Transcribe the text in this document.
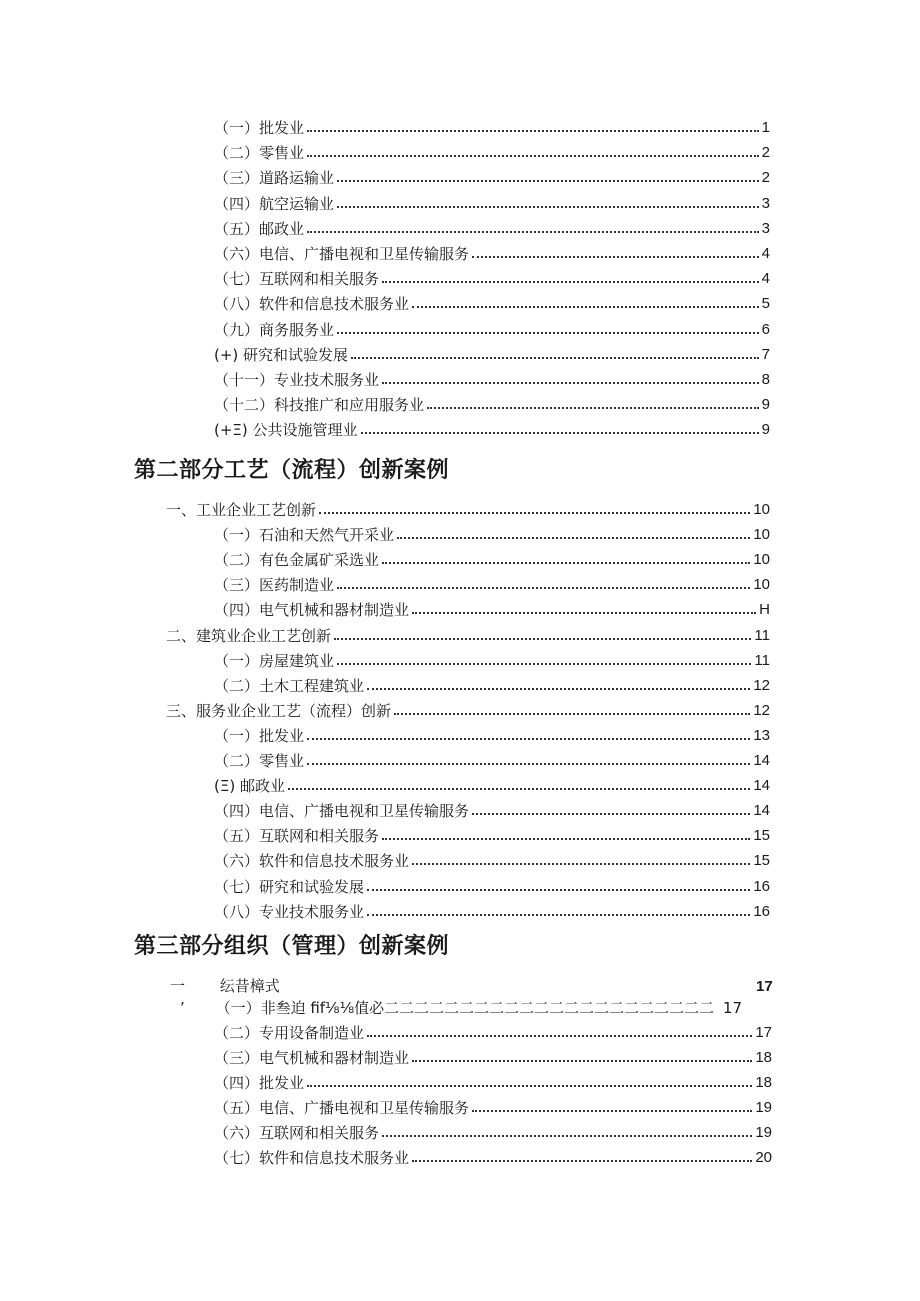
（一）批发业	1
（二）零售业	2
（三）道路运输业	2
（四）航空运输业	3
（五）邮政业	3
（六）电信、广播电视和卫星传输服务	4
（七）互联网和相关服务	4
（八）软件和信息技术服务业	5
（九）商务服务业	6
(+) 研究和试验发展	7
（十一）专业技术服务业	8
（十二）科技推广和应用服务业	9
(+Ξ) 公共设施管理业	9
第二部分工艺（流程）创新案例
一、工业企业工艺创新	10
（一）石油和天然气开采业	10
（二）有色金属矿采选业	10
（三）医药制造业	10
（四）电气机械和器材制造业	H
二、建筑业企业工艺创新	11
（一）房屋建筑业	11
（二）土木工程建筑业	12
三、服务业企业工艺（流程）创新	12
（一）批发业	13
（二）零售业	14
(Ξ) 邮政业	14
（四）电信、广播电视和卫星传输服务	14
（五）互联网和相关服务	15
（六）软件和信息技术服务业	15
（七）研究和试验发展	16
（八）专业技术服务业	16
第三部分组织（管理）创新案例
一 纭昔樟式	17
’ （一）非叁迫 fif⅛⅛值必二二二二二二二二二二二二二二二二二二二二二二 17
（二）专用设备制造业	17
（三）电气机械和器材制造业	18
（四）批发业	18
（五）电信、广播电视和卫星传输服务	19
（六）互联网和相关服务	19
（七）软件和信息技术服务业	20
